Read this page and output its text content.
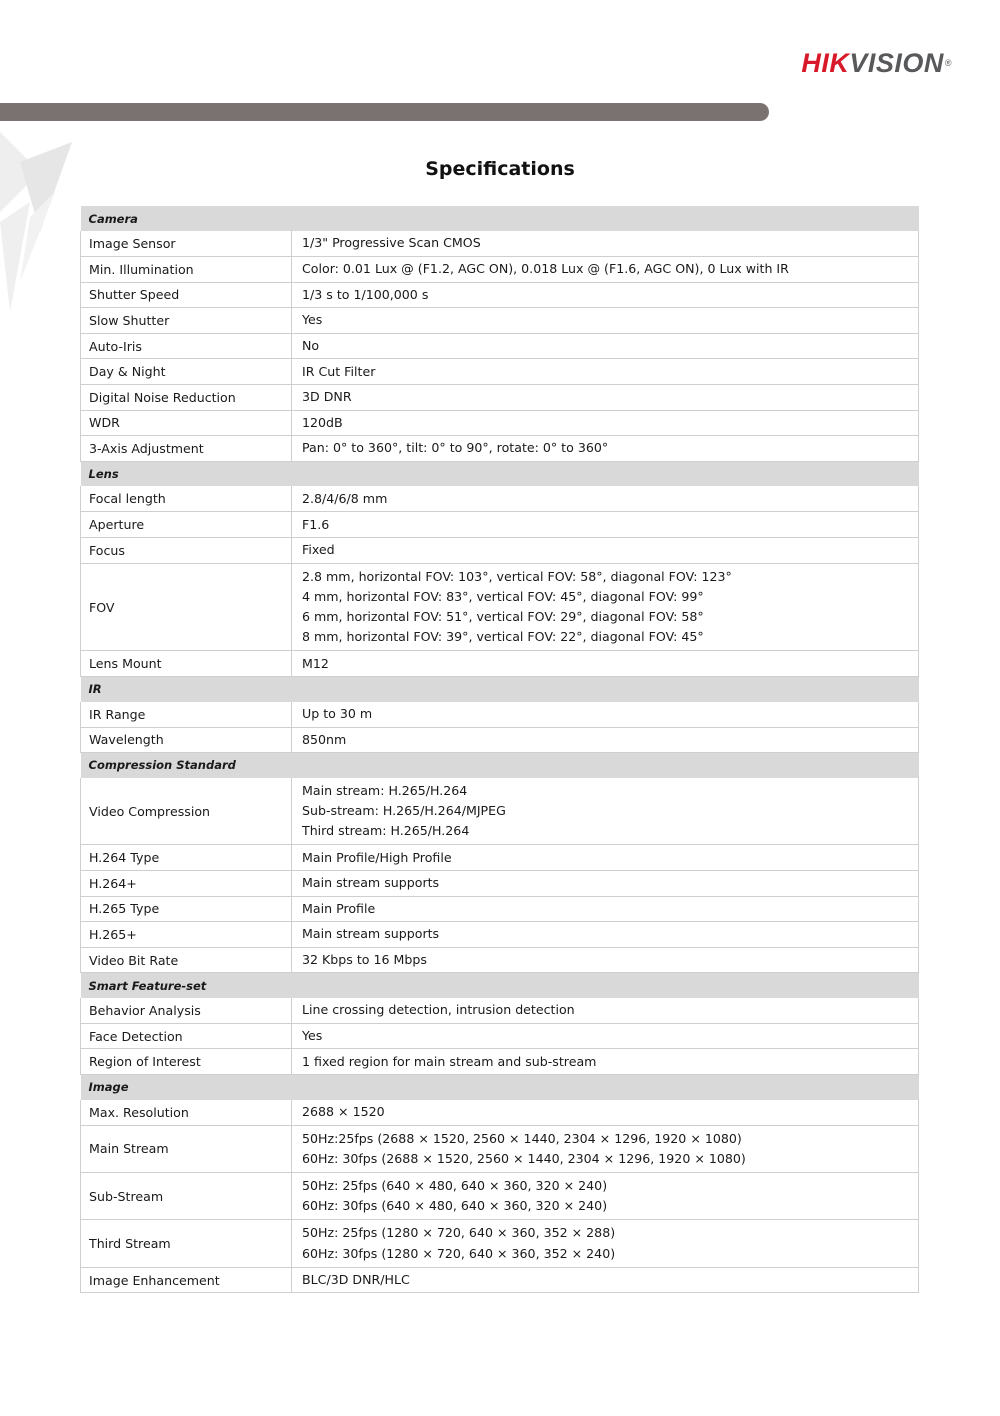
HIKVISION®
Specifications
Camera	
Image Sensor	1/3" Progressive Scan CMOS

Min. Illumination	Color: 0.01 Lux @ (F1.2, AGC ON), 0.018 Lux @ (F1.6, AGC ON), 0 Lux with IR

Shutter Speed	1/3 s to 1/100,000 s

Slow Shutter	Yes

Auto-Iris	No

Day & Night	IR Cut Filter

Digital Noise Reduction	3D DNR

WDR	120dB

3-Axis Adjustment	Pan: 0° to 360°, tilt: 0° to 90°, rotate: 0° to 360°

Lens	
Focal length	2.8/4/6/8 mm

Aperture	F1.6

Focus	Fixed

FOV	2.8 mm, horizontal FOV: 103°, vertical FOV: 58°, diagonal FOV: 123°
4 mm, horizontal FOV: 83°, vertical FOV: 45°, diagonal FOV: 99°
6 mm, horizontal FOV: 51°, vertical FOV: 29°, diagonal FOV: 58°
8 mm, horizontal FOV: 39°, vertical FOV: 22°, diagonal FOV: 45°

Lens Mount	M12

IR	
IR Range	Up to 30 m

Wavelength	850nm

Compression Standard	
Video Compression	Main stream: H.265/H.264
Sub-stream: H.265/H.264/MJPEG
Third stream: H.265/H.264

H.264 Type	Main Profile/High Profile

H.264+	Main stream supports

H.265 Type	Main Profile

H.265+	Main stream supports

Video Bit Rate	32 Kbps to 16 Mbps

Smart Feature-set	
Behavior Analysis	Line crossing detection, intrusion detection

Face Detection	Yes

Region of Interest	1 fixed region for main stream and sub-stream

Image	
Max. Resolution	2688 × 1520

Main Stream	50Hz:25fps (2688 × 1520, 2560 × 1440, 2304 × 1296, 1920 × 1080)
60Hz: 30fps (2688 × 1520, 2560 × 1440, 2304 × 1296, 1920 × 1080)

Sub-Stream	50Hz: 25fps (640 × 480, 640 × 360, 320 × 240)
60Hz: 30fps (640 × 480, 640 × 360, 320 × 240)

Third Stream	50Hz: 25fps (1280 × 720, 640 × 360, 352 × 288)
60Hz: 30fps (1280 × 720, 640 × 360, 352 × 240)

Image Enhancement	BLC/3D DNR/HLC
